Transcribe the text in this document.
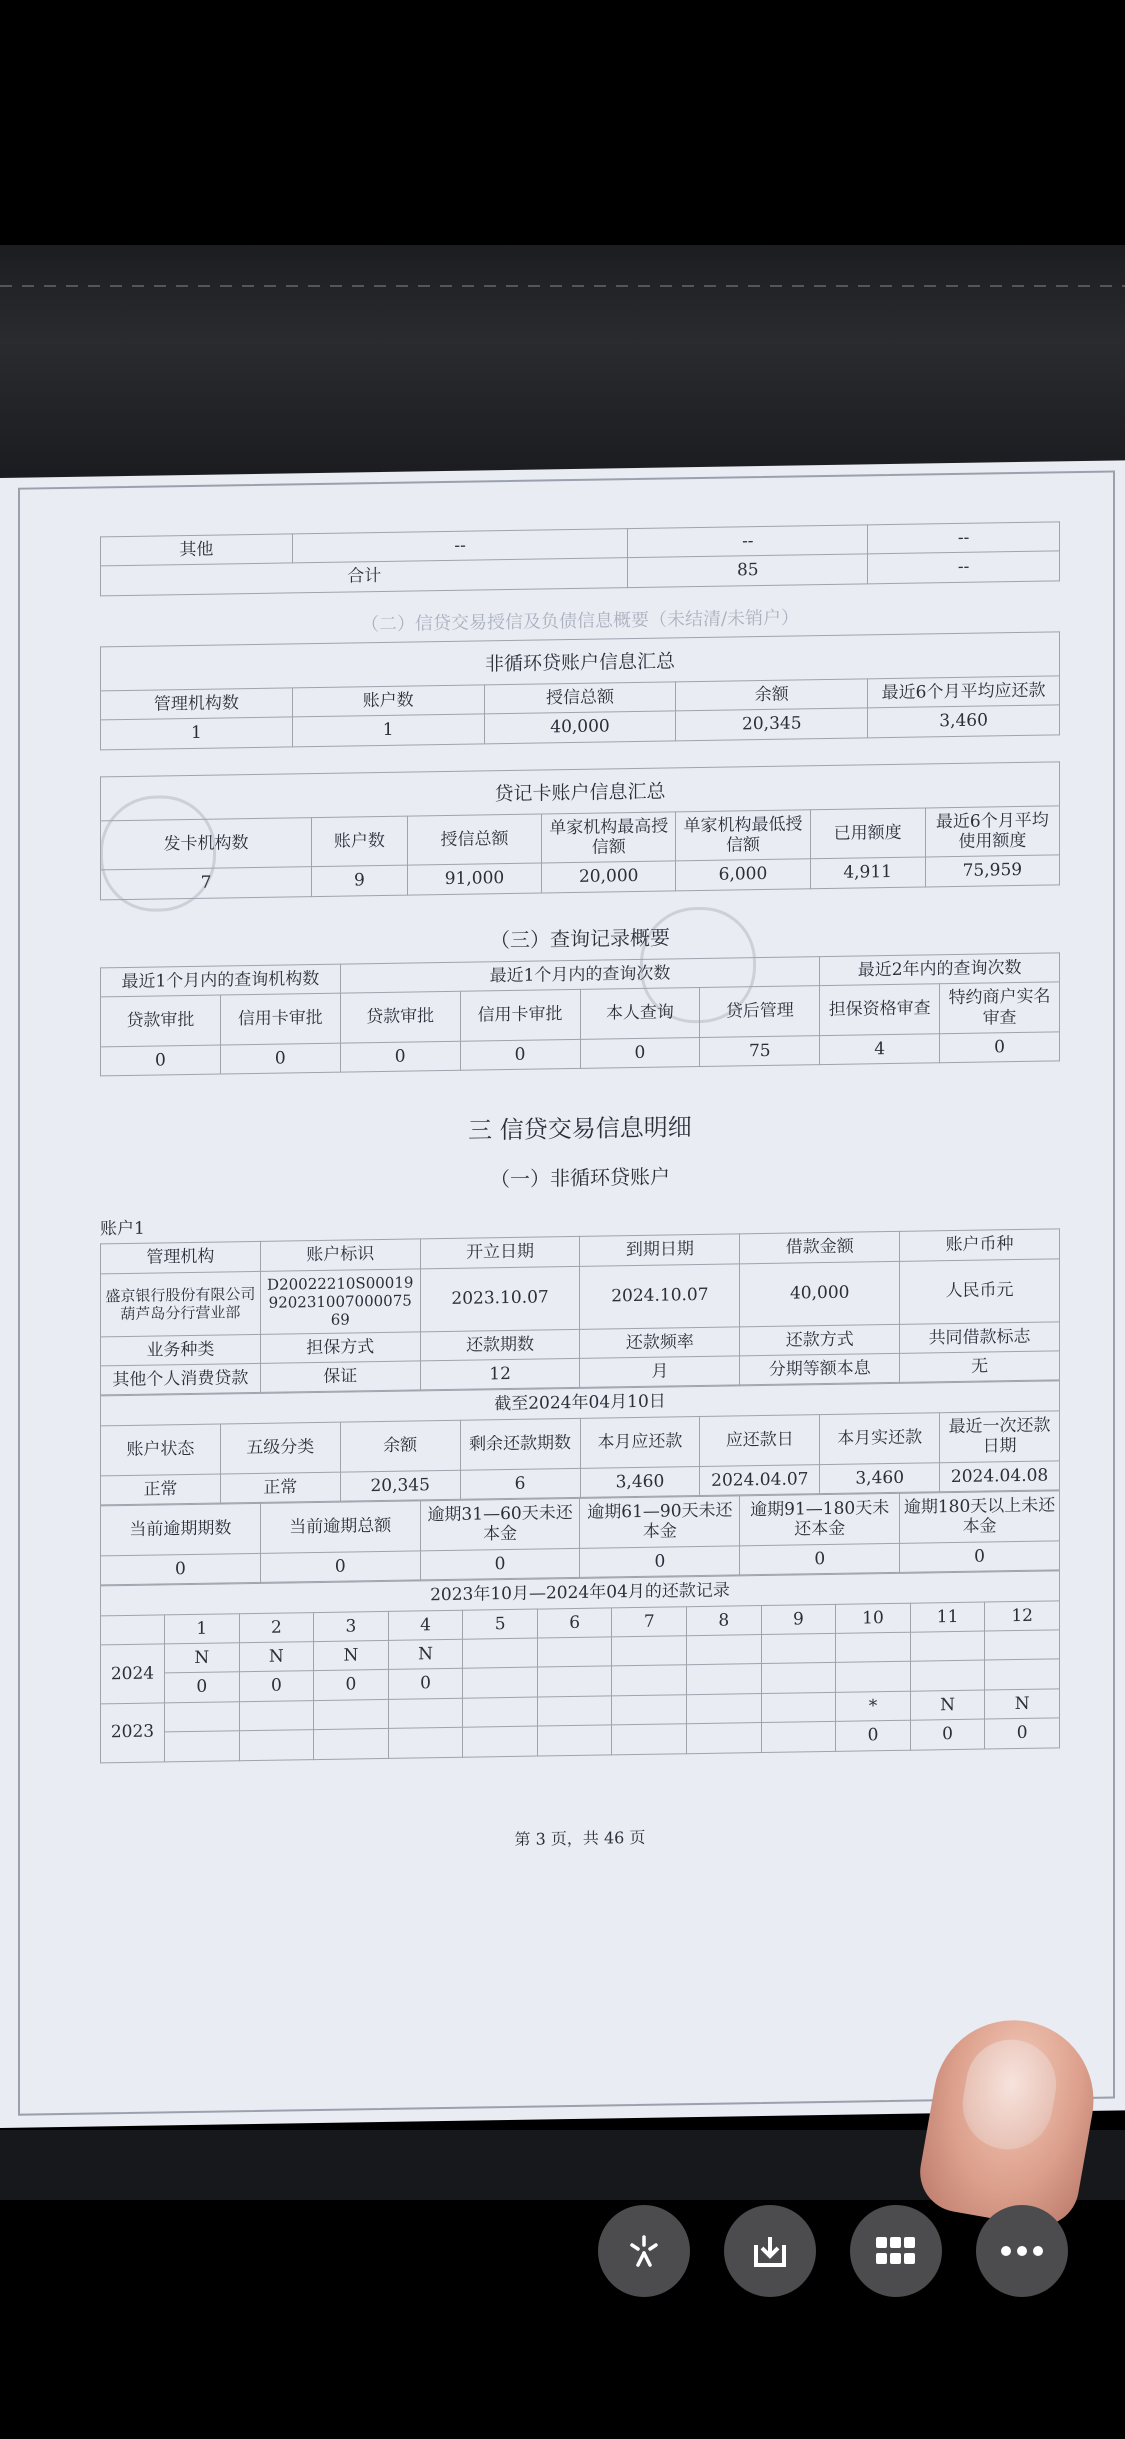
其他	--	--	--
合计		85	--
（二）信贷交易授信及负债信息概要（未结清/未销户）
非循环贷账户信息汇总
管理机构数	账户数	授信总额	余额	最近6个月平均应还款
1	1	40,000	20,345	3,460
贷记卡账户信息汇总
发卡机构数	账户数	授信总额	单家机构最高授信额	单家机构最低授信额	已用额度	最近6个月平均使用额度
7	9	91,000	20,000	6,000	4,911	75,959
（三）查询记录概要
最近1个月内的查询机构数		最近1个月内的查询次数				最近2年内的查询次数	
贷款审批	信用卡审批	贷款审批	信用卡审批	本人查询	贷后管理	担保资格审查	特约商户实名审查
0	0	0	0	0	75	4	0
三 信贷交易信息明细
（一）非循环贷账户
账户1
管理机构	账户标识	开立日期	到期日期	借款金额	账户币种
盛京银行股份有限公司葫芦岛分行营业部	D20022210S00019920231007000075 69	2023.10.07	2024.10.07	40,000	人民币元
业务种类	担保方式	还款期数	还款频率	还款方式	共同借款标志
其他个人消费贷款	保证	12	月	分期等额本息	无
截至2024年04月10日							
账户状态	五级分类	余额	剩余还款期数	本月应还款	应还款日	本月实还款	最近一次还款日期
正常	正常	20,345	6	3,460	2024.04.07	3,460	2024.04.08
当前逾期期数	当前逾期总额	逾期31—60天未还本金	逾期61—90天未还本金	逾期91—180天未还本金	逾期180天以上未还本金
0	0	0	0	0	0
2023年10月—2024年04月的还款记录												
	1	2	3	4	5	6	7	8	9	10	11	12
2024	N	N	N	N								
	0	0	0	0								
2023										*	N	N
										0	0	0
第 3 页，共 46 页
